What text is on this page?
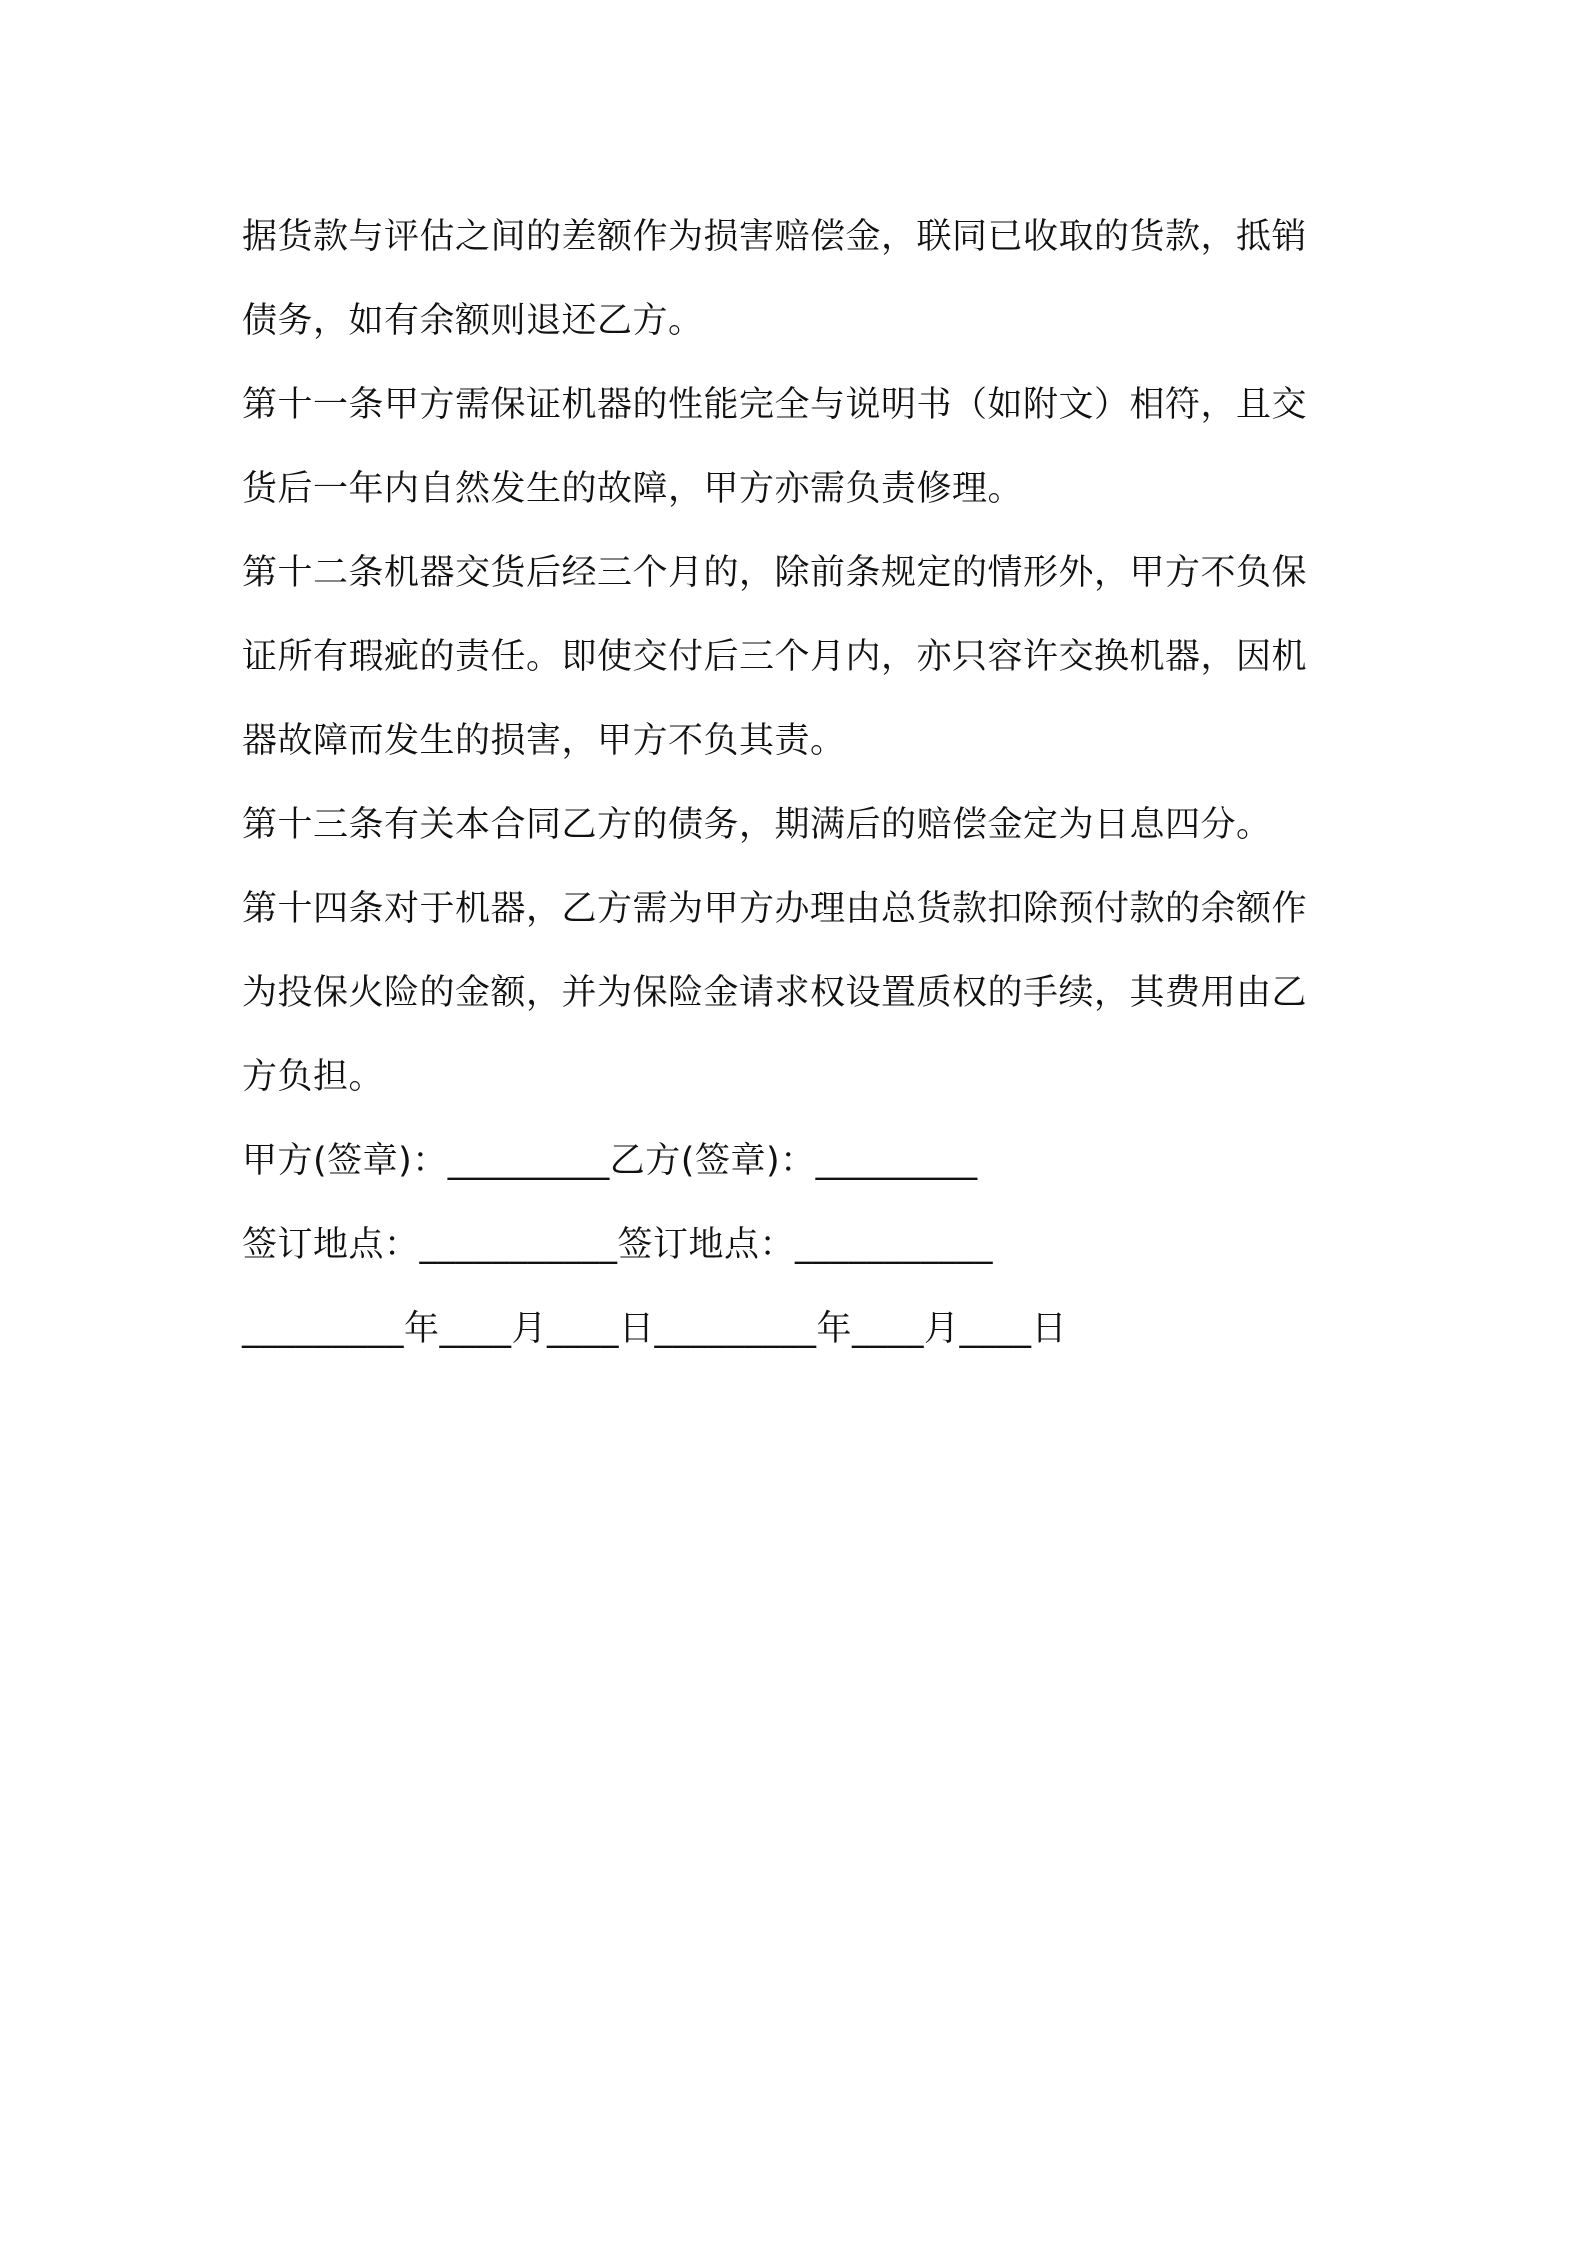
据货款与评估之间的差额作为损害赔偿金，联同已收取的货款，抵销
债务，如有余额则退还乙方。
第十一条甲方需保证机器的性能完全与说明书（如附文）相符，且交
货后一年内自然发生的故障，甲方亦需负责修理。
第十二条机器交货后经三个月的，除前条规定的情形外，甲方不负保
证所有瑕疵的责任。即使交付后三个月内，亦只容许交换机器，因机
器故障而发生的损害，甲方不负其责。
第十三条有关本合同乙方的债务，期满后的赔偿金定为日息四分。
第十四条对于机器，乙方需为甲方办理由总货款扣除预付款的余额作
为投保火险的金额，并为保险金请求权设置质权的手续，其费用由乙
方负担。
甲方(签章)：_________乙方(签章)：_________
签订地点：___________签订地点：___________
_________年____月____日_________年____月____日
